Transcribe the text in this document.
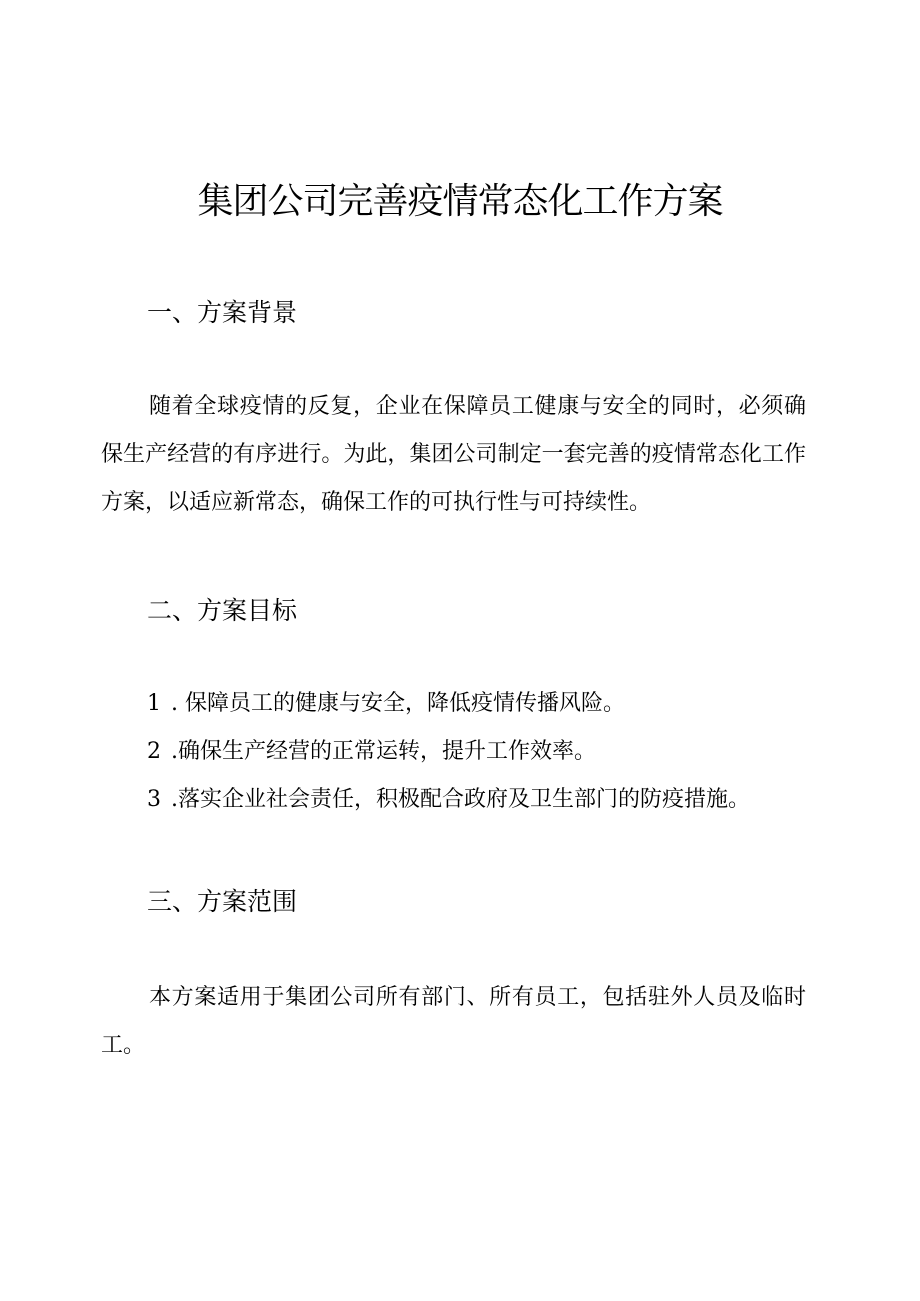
集团公司完善疫情常态化工作方案
一、方案背景

随着全球疫情的反复，企业在保障员工健康与安全的同时，必须确保生产经营的有序进行。为此，集团公司制定一套完善的疫情常态化工作方案，以适应新常态，确保工作的可执行性与可持续性。

二、方案目标
1 . 保障员工的健康与安全，降低疫情传播风险。
2 .确保生产经营的正常运转，提升工作效率。
3 .落实企业社会责任，积极配合政府及卫生部门的防疫措施。
三、方案范围

本方案适用于集团公司所有部门、所有员工，包括驻外人员及临时工。
